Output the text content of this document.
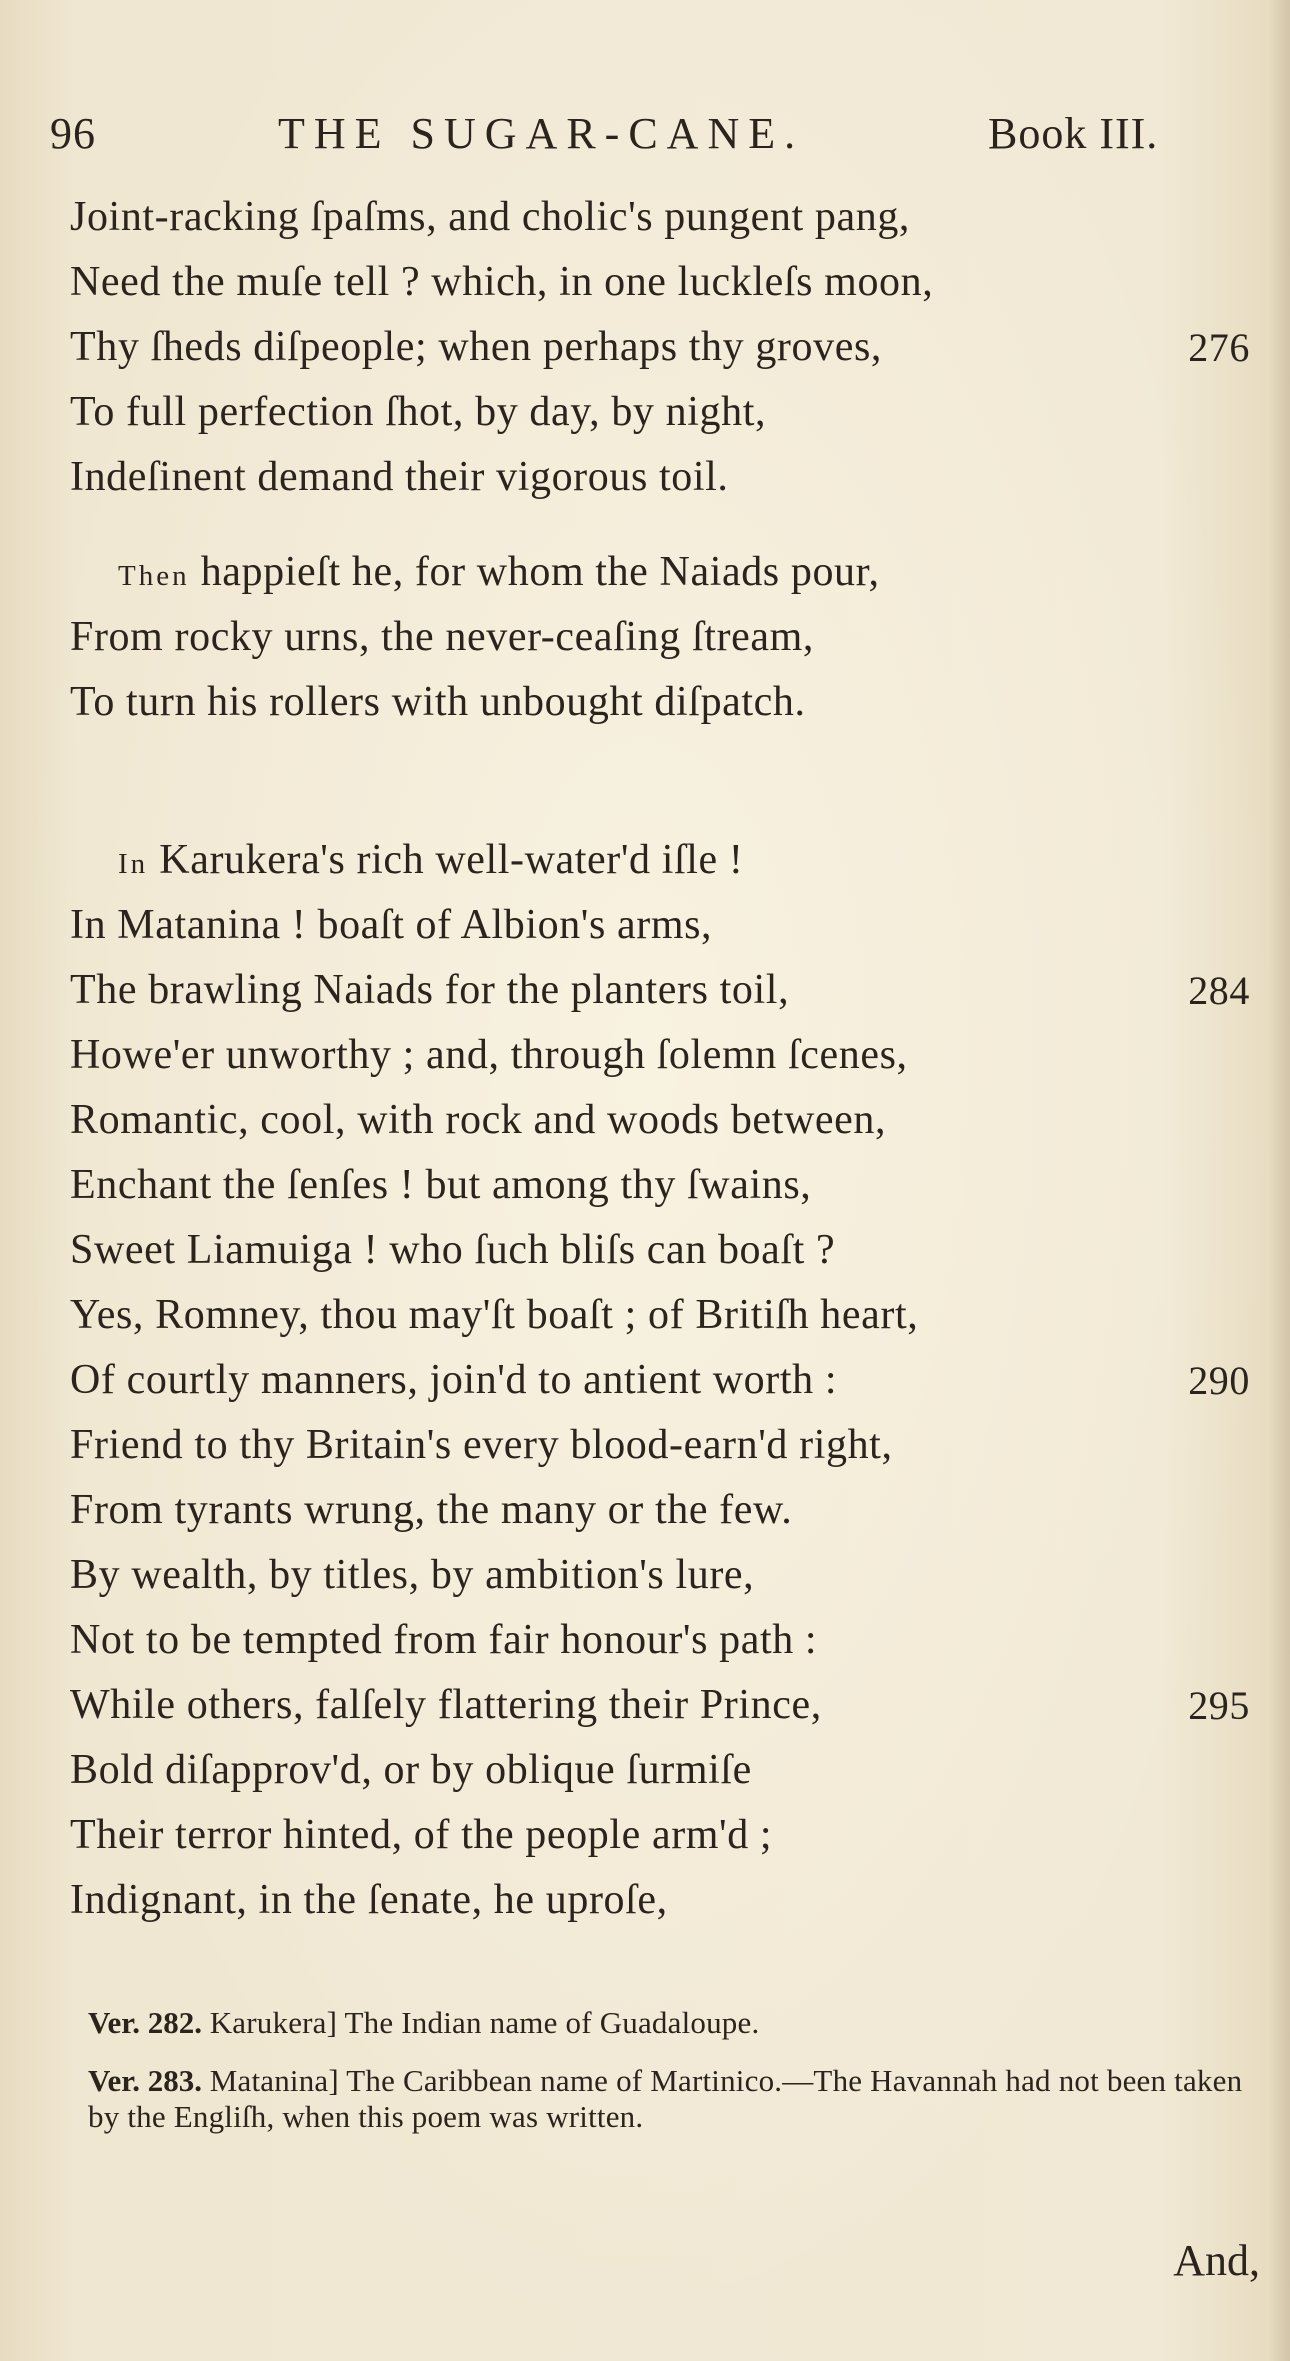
96	THE SUGAR-CANE.	Book III.
Joint-racking ſpaſms, and cholic's pungent pang,
Need the muſe tell ? which, in one luckleſs moon,
Thy ſheds diſpeople; when perhaps thy groves,	276
To full perfection ſhot, by day, by night,
Indeſinent demand their vigorous toil.
Then happieſt he, for whom the Naiads pour,
From rocky urns, the never-ceaſing ſtream,
To turn his rollers with unbought diſpatch.
In Karukera's rich well-water'd iſle !
In Matanina ! boaſt of Albion's arms,
The brawling Naiads for the planters toil,	284
Howe'er unworthy ; and, through ſolemn ſcenes,
Romantic, cool, with rock and woods between,
Enchant the ſenſes ! but among thy ſwains,
Sweet Liamuiga ! who ſuch bliſs can boaſt ?
Yes, Romney, thou may'ſt boaſt ; of Britiſh heart,
Of courtly manners, join'd to antient worth :	290
Friend to thy Britain's every blood-earn'd right,
From tyrants wrung, the many or the few.
By wealth, by titles, by ambition's lure,
Not to be tempted from fair honour's path :
While others, falſely flattering their Prince,	295
Bold diſapprov'd, or by oblique ſurmiſe
Their terror hinted, of the people arm'd ;
Indignant, in the ſenate, he uproſe,
Ver. 282. Karukera] The Indian name of Guadaloupe.
Ver. 283. Matanina] The Caribbean name of Martinico.—The Havannah had not been taken by the Engliſh, when this poem was written.
And,
